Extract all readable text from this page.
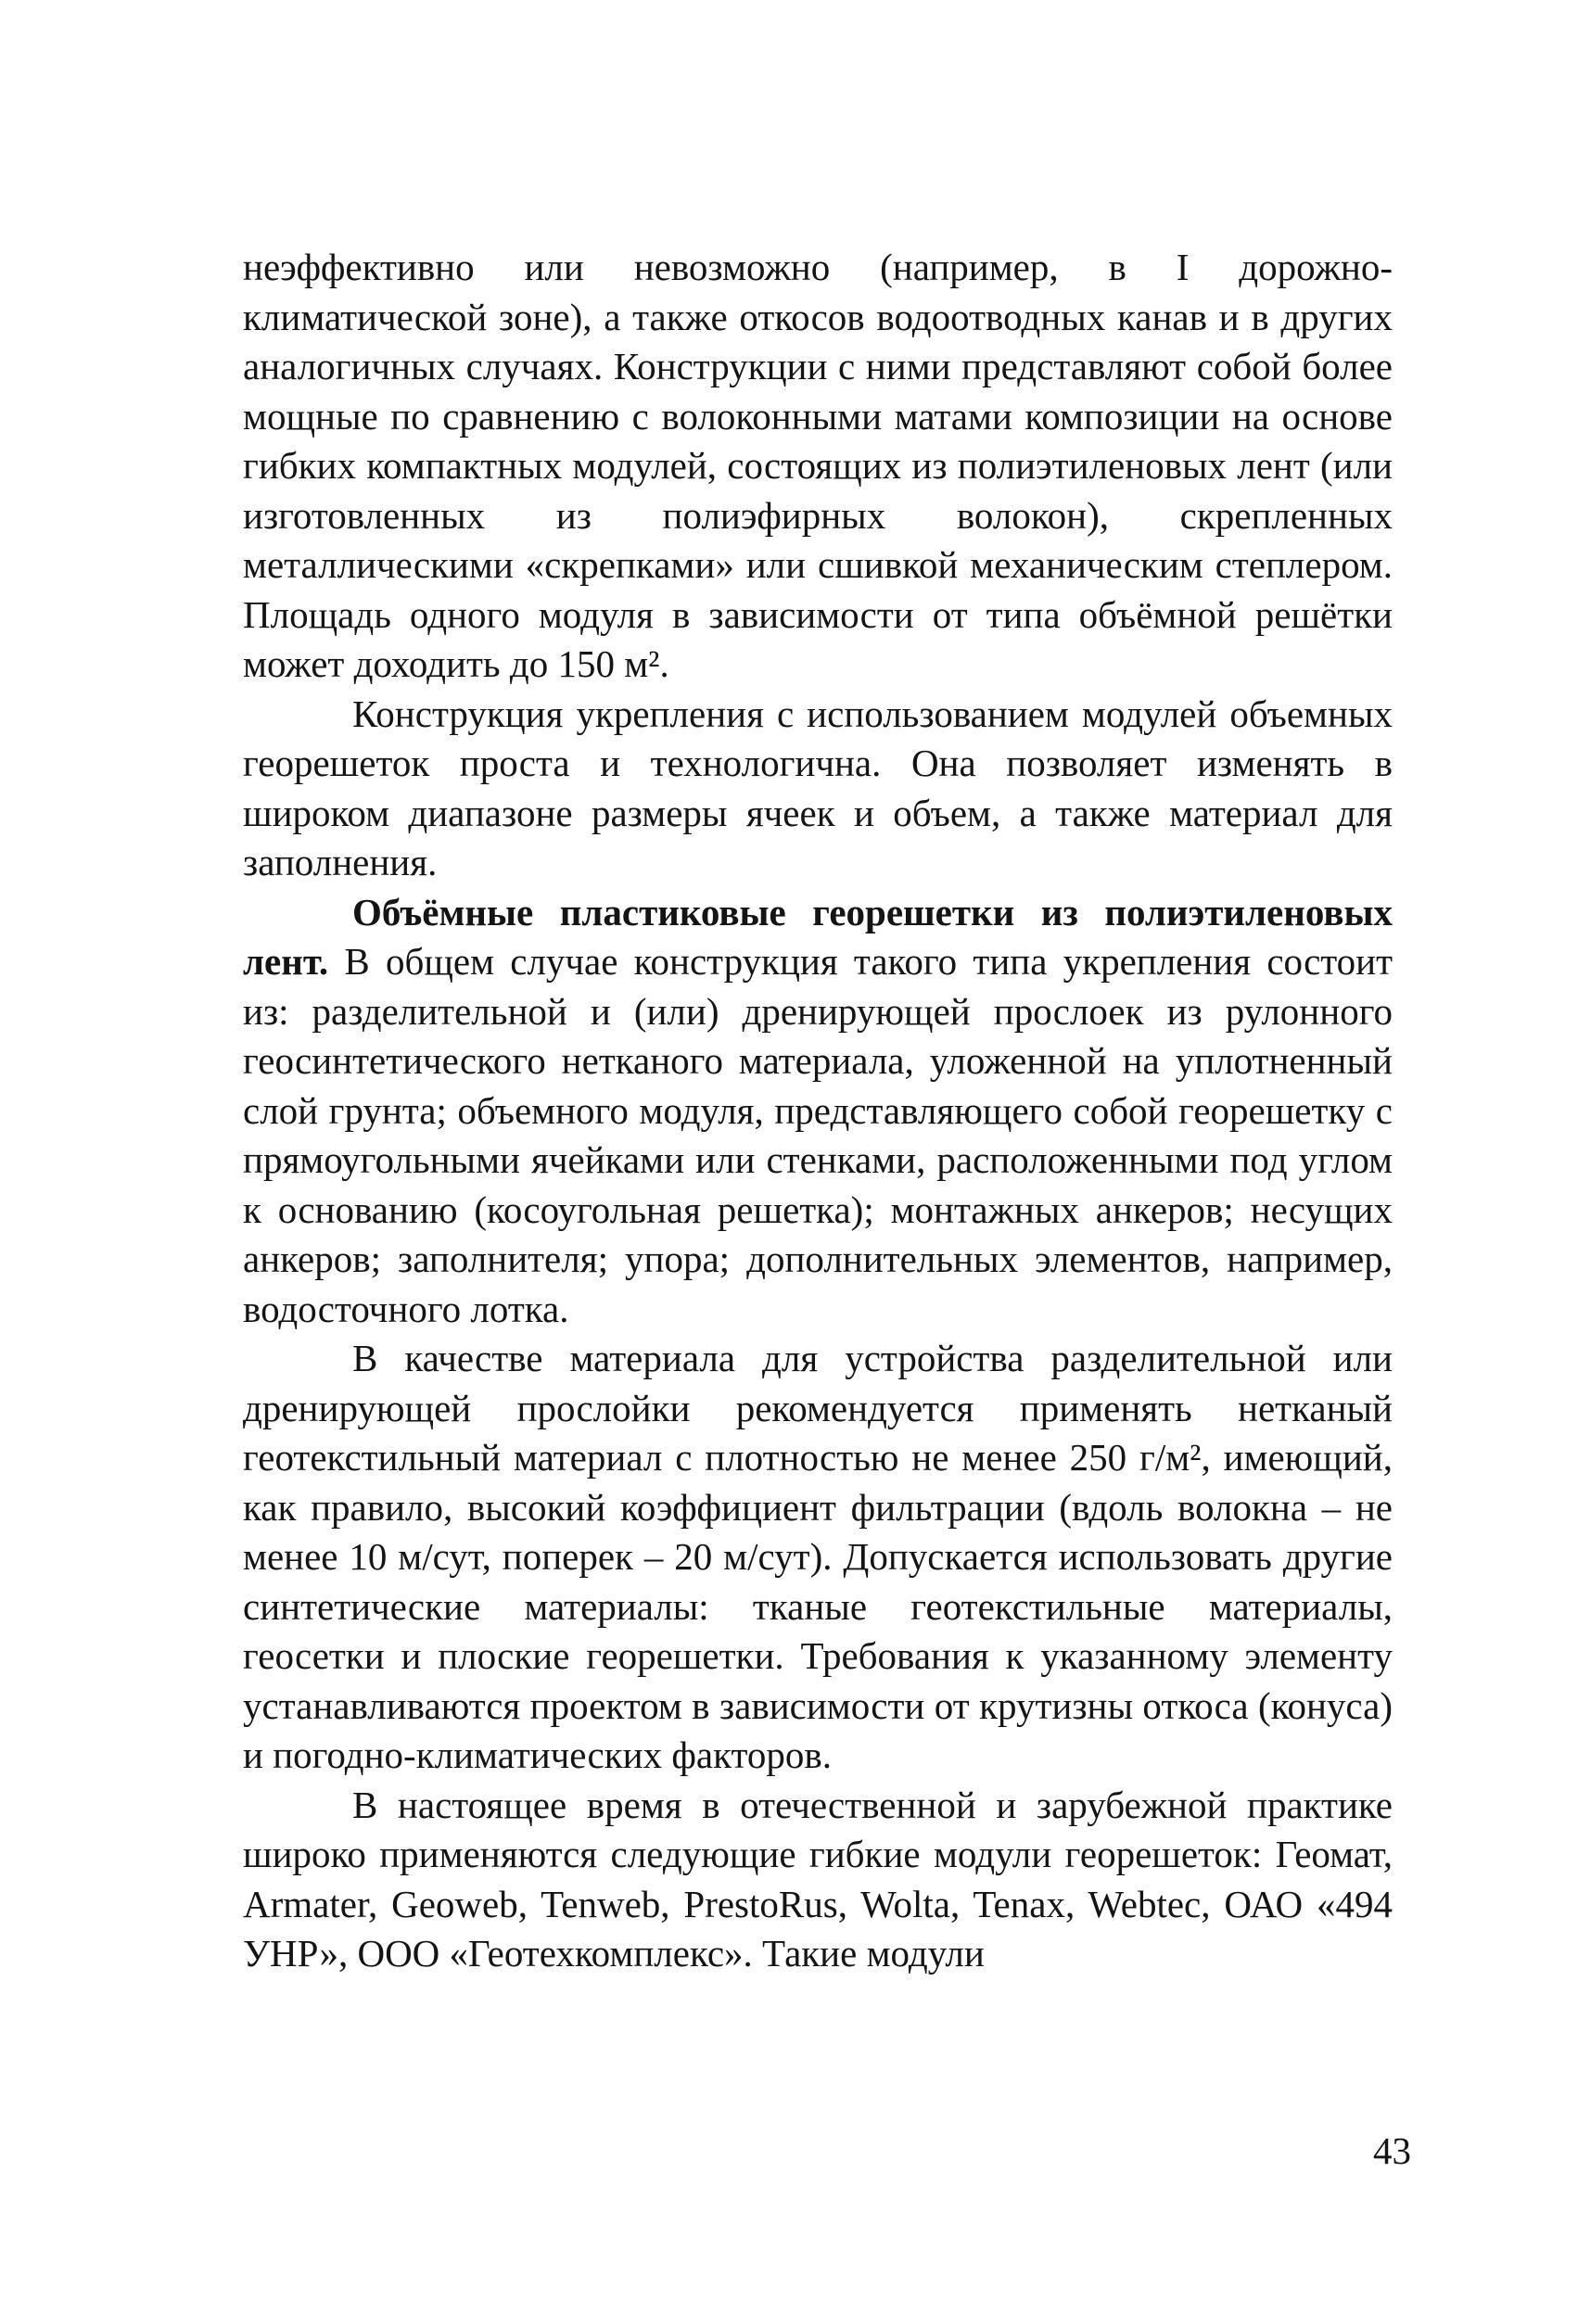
неэффективно или невозможно (например, в I дорожно-климатической зоне), а также откосов водоотводных канав и в других аналогичных случаях. Конструкции с ними представляют собой более мощные по сравнению с волоконными матами композиции на основе гибких компактных модулей, состоящих из полиэтиленовых лент (или изготовленных из полиэфирных волокон), скрепленных металлическими «скрепками» или сшивкой механическим степлером. Площадь одного модуля в зависимости от типа объёмной решётки может доходить до 150 м².

Конструкция укрепления с использованием модулей объемных георешеток проста и технологична. Она позволяет изменять в широком диапазоне размеры ячеек и объем, а также материал для заполнения.

Объёмные пластиковые георешетки из полиэтиленовых лент. В общем случае конструкция такого типа укрепления состоит из: разделительной и (или) дренирующей прослоек из рулонного геосинтетического нетканого материала, уложенной на уплотненный слой грунта; объемного модуля, представляющего собой георешетку с прямоугольными ячейками или стенками, расположенными под углом к основанию (косоугольная решетка); монтажных анкеров; несущих анкеров; заполнителя; упора; дополнительных элементов, например, водосточного лотка.

В качестве материала для устройства разделительной или дренирующей прослойки рекомендуется применять нетканый геотекстильный материал с плотностью не менее 250 г/м², имеющий, как правило, высокий коэффициент фильтрации (вдоль волокна – не менее 10 м/сут, поперек – 20 м/сут). Допускается использовать другие синтетические материалы: тканые геотекстильные материалы, геосетки и плоские георешетки. Требования к указанному элементу устанавливаются проектом в зависимости от крутизны откоса (конуса) и погодно-климатических факторов.

В настоящее время в отечественной и зарубежной практике широко применяются следующие гибкие модули георешеток: Геомат, Armater, Geoweb, Tenweb, PrestoRus, Wolta, Tenax, Webtec, ОАО «494 УНР», ООО «Геотехкомплекс». Такие модули

43
